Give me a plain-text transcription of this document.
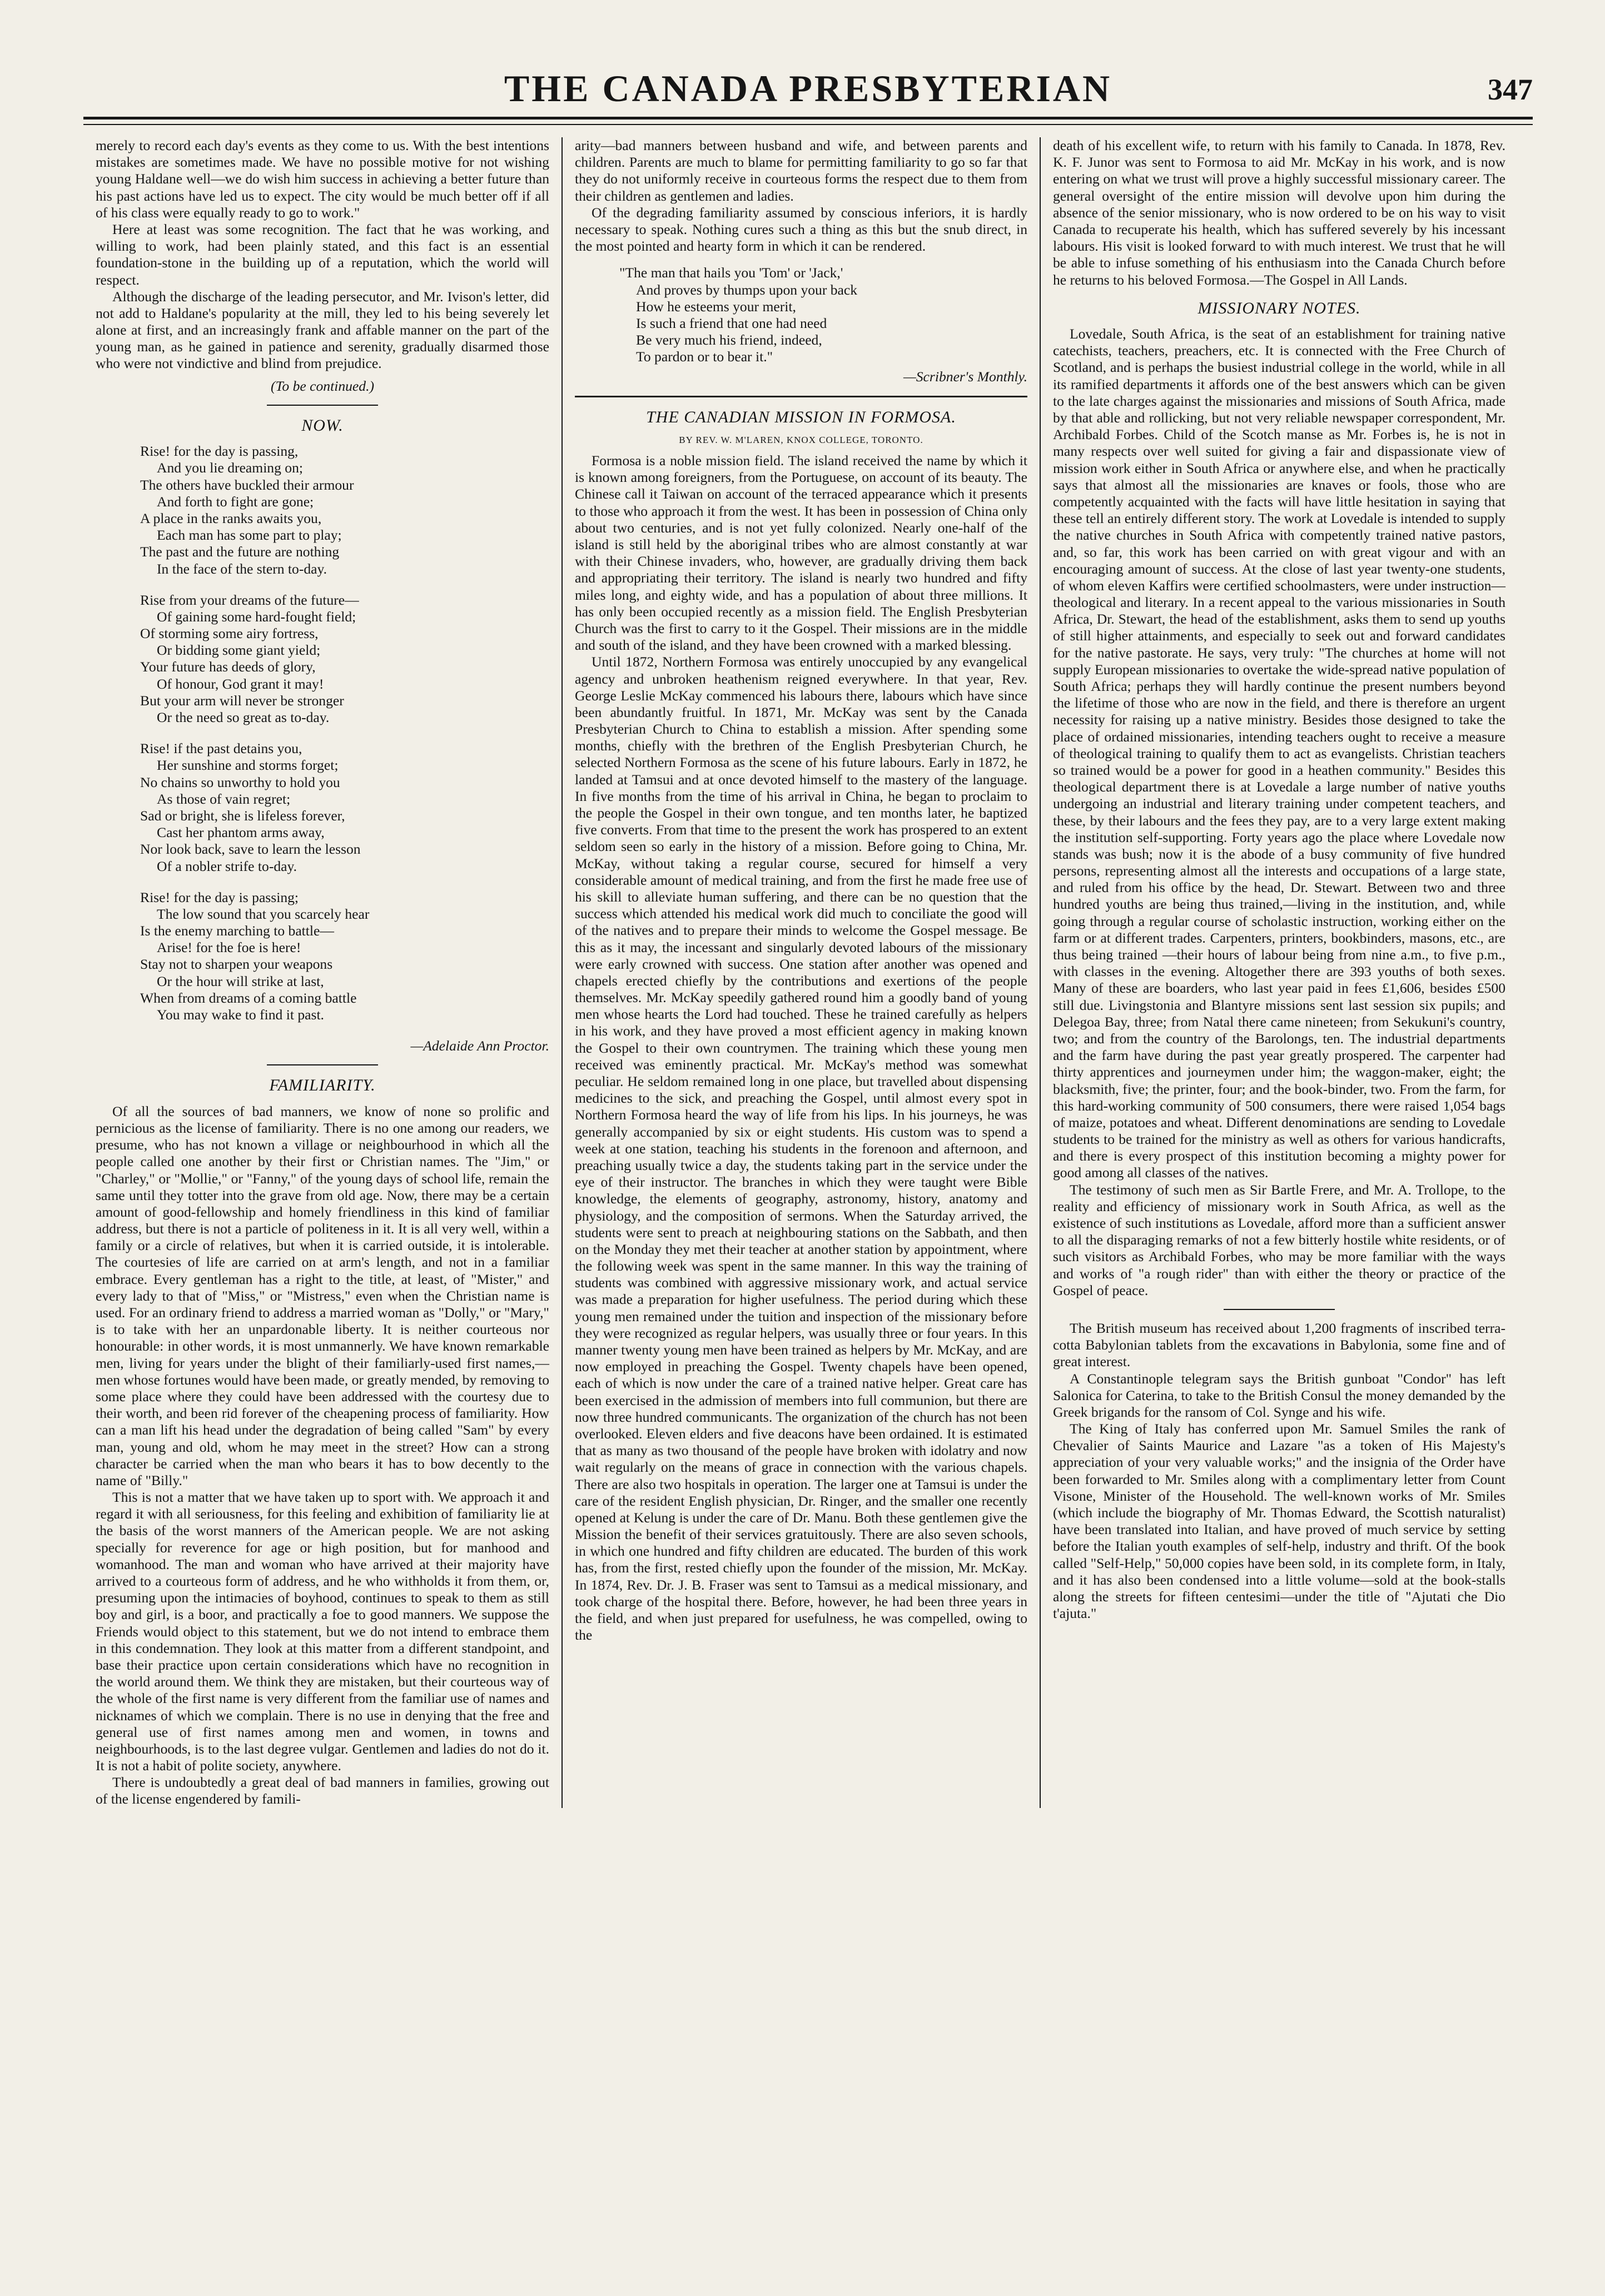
THE CANADA PRESBYTERIAN	347

merely to record each day's events as they come to us. With the best intentions mistakes are sometimes made. We have no possible motive for not wishing young Haldane well—we do wish him success in achieving a better future than his past actions have led us to expect. The city would be much better off if all of his class were equally ready to go to work."

Here at least was some recognition. The fact that he was working, and willing to work, had been plainly stated, and this fact is an essential foundation-stone in the building up of a reputation, which the world will respect.

Although the discharge of the leading persecutor, and Mr. Ivison's letter, did not add to Haldane's popularity at the mill, they led to his being severely let alone at first, and an increasingly frank and affable manner on the part of the young man, as he gained in patience and serenity, gradually disarmed those who were not vindictive and blind from prejudice.

(To be continued.)
NOW.
Rise! for the day is passing,
And you lie dreaming on;
The others have buckled their armour
And forth to fight are gone;
A place in the ranks awaits you,
Each man has some part to play;
The past and the future are nothing
In the face of the stern to-day.
Rise from your dreams of the future—
Of gaining some hard-fought field;
Of storming some airy fortress,
Or bidding some giant yield;
Your future has deeds of glory,
Of honour, God grant it may!
But your arm will never be stronger
Or the need so great as to-day.
Rise! if the past detains you,
Her sunshine and storms forget;
No chains so unworthy to hold you
As those of vain regret;
Sad or bright, she is lifeless forever,
Cast her phantom arms away,
Nor look back, save to learn the lesson
Of a nobler strife to-day.
Rise! for the day is passing;
The low sound that you scarcely hear
Is the enemy marching to battle—
Arise! for the foe is here!
Stay not to sharpen your weapons
Or the hour will strike at last,
When from dreams of a coming battle
You may wake to find it past.
—Adelaide Ann Proctor.
FAMILIARITY.

Of all the sources of bad manners, we know of none so prolific and pernicious as the license of familiarity. There is no one among our readers, we presume, who has not known a village or neighbourhood in which all the people called one another by their first or Christian names. The "Jim," or "Charley," or "Mollie," or "Fanny," of the young days of school life, remain the same until they totter into the grave from old age. Now, there may be a certain amount of good-fellowship and homely friendliness in this kind of familiar address, but there is not a particle of politeness in it. It is all very well, within a family or a circle of relatives, but when it is carried outside, it is intolerable. The courtesies of life are carried on at arm's length, and not in a familiar embrace. Every gentleman has a right to the title, at least, of "Mister," and every lady to that of "Miss," or "Mistress," even when the Christian name is used. For an ordinary friend to address a married woman as "Dolly," or "Mary," is to take with her an unpardonable liberty. It is neither courteous nor honourable: in other words, it is most unmannerly. We have known remarkable men, living for years under the blight of their familiarly-used first names,—men whose fortunes would have been made, or greatly mended, by removing to some place where they could have been addressed with the courtesy due to their worth, and been rid forever of the cheapening process of familiarity. How can a man lift his head under the degradation of being called "Sam" by every man, young and old, whom he may meet in the street? How can a strong character be carried when the man who bears it has to bow decently to the name of "Billy."

This is not a matter that we have taken up to sport with. We approach it and regard it with all seriousness, for this feeling and exhibition of familiarity lie at the basis of the worst manners of the American people. We are not asking specially for reverence for age or high position, but for manhood and womanhood. The man and woman who have arrived at their majority have arrived to a courteous form of address, and he who withholds it from them, or, presuming upon the intimacies of boyhood, continues to speak to them as still boy and girl, is a boor, and practically a foe to good manners. We suppose the Friends would object to this statement, but we do not intend to embrace them in this condemnation. They look at this matter from a different standpoint, and base their practice upon certain considerations which have no recognition in the world around them. We think they are mistaken, but their courteous way of the whole of the first name is very different from the familiar use of names and nicknames of which we complain. There is no use in denying that the free and general use of first names among men and women, in towns and neighbourhoods, is to the last degree vulgar. Gentlemen and ladies do not do it. It is not a habit of polite society, anywhere.

There is undoubtedly a great deal of bad manners in families, growing out of the license engendered by famili-

arity—bad manners between husband and wife, and between parents and children. Parents are much to blame for permitting familiarity to go so far that they do not uniformly receive in courteous forms the respect due to them from their children as gentlemen and ladies.

Of the degrading familiarity assumed by conscious inferiors, it is hardly necessary to speak. Nothing cures such a thing as this but the snub direct, in the most pointed and hearty form in which it can be rendered.

"The man that hails you 'Tom' or 'Jack,'
And proves by thumps upon your back
How he esteems your merit,
Is such a friend that one had need
Be very much his friend, indeed,
To pardon or to bear it."
—Scribner's Monthly.
THE CANADIAN MISSION IN FORMOSA.
BY REV. W. M'LAREN, KNOX COLLEGE, TORONTO.

Formosa is a noble mission field. The island received the name by which it is known among foreigners, from the Portuguese, on account of its beauty. The Chinese call it Taiwan on account of the terraced appearance which it presents to those who approach it from the west. It has been in possession of China only about two centuries, and is not yet fully colonized. Nearly one-half of the island is still held by the aboriginal tribes who are almost constantly at war with their Chinese invaders, who, however, are gradually driving them back and appropriating their territory. The island is nearly two hundred and fifty miles long, and eighty wide, and has a population of about three millions. It has only been occupied recently as a mission field. The English Presbyterian Church was the first to carry to it the Gospel. Their missions are in the middle and south of the island, and they have been crowned with a marked blessing.

Until 1872, Northern Formosa was entirely unoccupied by any evangelical agency and unbroken heathenism reigned everywhere. In that year, Rev. George Leslie McKay commenced his labours there, labours which have since been abundantly fruitful. In 1871, Mr. McKay was sent by the Canada Presbyterian Church to China to establish a mission. After spending some months, chiefly with the brethren of the English Presbyterian Church, he selected Northern Formosa as the scene of his future labours. Early in 1872, he landed at Tamsui and at once devoted himself to the mastery of the language. In five months from the time of his arrival in China, he began to proclaim to the people the Gospel in their own tongue, and ten months later, he baptized five converts. From that time to the present the work has prospered to an extent seldom seen so early in the history of a mission. Before going to China, Mr. McKay, without taking a regular course, secured for himself a very considerable amount of medical training, and from the first he made free use of his skill to alleviate human suffering, and there can be no question that the success which attended his medical work did much to conciliate the good will of the natives and to prepare their minds to welcome the Gospel message. Be this as it may, the incessant and singularly devoted labours of the missionary were early crowned with success. One station after another was opened and chapels erected chiefly by the contributions and exertions of the people themselves. Mr. McKay speedily gathered round him a goodly band of young men whose hearts the Lord had touched. These he trained carefully as helpers in his work, and they have proved a most efficient agency in making known the Gospel to their own countrymen. The training which these young men received was eminently practical. Mr. McKay's method was somewhat peculiar. He seldom remained long in one place, but travelled about dispensing medicines to the sick, and preaching the Gospel, until almost every spot in Northern Formosa heard the way of life from his lips. In his journeys, he was generally accompanied by six or eight students. His custom was to spend a week at one station, teaching his students in the forenoon and afternoon, and preaching usually twice a day, the students taking part in the service under the eye of their instructor. The branches in which they were taught were Bible knowledge, the elements of geography, astronomy, history, anatomy and physiology, and the composition of sermons. When the Saturday arrived, the students were sent to preach at neighbouring stations on the Sabbath, and then on the Monday they met their teacher at another station by appointment, where the following week was spent in the same manner. In this way the training of students was combined with aggressive missionary work, and actual service was made a preparation for higher usefulness. The period during which these young men remained under the tuition and inspection of the missionary before they were recognized as regular helpers, was usually three or four years. In this manner twenty young men have been trained as helpers by Mr. McKay, and are now employed in preaching the Gospel. Twenty chapels have been opened, each of which is now under the care of a trained native helper. Great care has been exercised in the admission of members into full communion, but there are now three hundred communicants. The organization of the church has not been overlooked. Eleven elders and five deacons have been ordained. It is estimated that as many as two thousand of the people have broken with idolatry and now wait regularly on the means of grace in connection with the various chapels. There are also two hospitals in operation. The larger one at Tamsui is under the care of the resident English physician, Dr. Ringer, and the smaller one recently opened at Kelung is under the care of Dr. Manu. Both these gentlemen give the Mission the benefit of their services gratuitously. There are also seven schools, in which one hundred and fifty children are educated. The burden of this work has, from the first, rested chiefly upon the founder of the mission, Mr. McKay. In 1874, Rev. Dr. J. B. Fraser was sent to Tamsui as a medical missionary, and took charge of the hospital there. Before, however, he had been three years in the field, and when just prepared for usefulness, he was compelled, owing to the

death of his excellent wife, to return with his family to Canada. In 1878, Rev. K. F. Junor was sent to Formosa to aid Mr. McKay in his work, and is now entering on what we trust will prove a highly successful missionary career. The general oversight of the entire mission will devolve upon him during the absence of the senior missionary, who is now ordered to be on his way to visit Canada to recuperate his health, which has suffered severely by his incessant labours. His visit is looked forward to with much interest. We trust that he will be able to infuse something of his enthusiasm into the Canada Church before he returns to his beloved Formosa.—The Gospel in All Lands.

MISSIONARY NOTES.

Lovedale, South Africa, is the seat of an establishment for training native catechists, teachers, preachers, etc. It is connected with the Free Church of Scotland, and is perhaps the busiest industrial college in the world, while in all its ramified departments it affords one of the best answers which can be given to the late charges against the missionaries and missions of South Africa, made by that able and rollicking, but not very reliable newspaper correspondent, Mr. Archibald Forbes. Child of the Scotch manse as Mr. Forbes is, he is not in many respects over well suited for giving a fair and dispassionate view of mission work either in South Africa or anywhere else, and when he practically says that almost all the missionaries are knaves or fools, those who are competently acquainted with the facts will have little hesitation in saying that these tell an entirely different story. The work at Lovedale is intended to supply the native churches in South Africa with competently trained native pastors, and, so far, this work has been carried on with great vigour and with an encouraging amount of success. At the close of last year twenty-one students, of whom eleven Kaffirs were certified schoolmasters, were under instruction—theological and literary. In a recent appeal to the various missionaries in South Africa, Dr. Stewart, the head of the establishment, asks them to send up youths of still higher attainments, and especially to seek out and forward candidates for the native pastorate. He says, very truly: "The churches at home will not supply European missionaries to overtake the wide-spread native population of South Africa; perhaps they will hardly continue the present numbers beyond the lifetime of those who are now in the field, and there is therefore an urgent necessity for raising up a native ministry. Besides those designed to take the place of ordained missionaries, intending teachers ought to receive a measure of theological training to qualify them to act as evangelists. Christian teachers so trained would be a power for good in a heathen community." Besides this theological department there is at Lovedale a large number of native youths undergoing an industrial and literary training under competent teachers, and these, by their labours and the fees they pay, are to a very large extent making the institution self-supporting. Forty years ago the place where Lovedale now stands was bush; now it is the abode of a busy community of five hundred persons, representing almost all the interests and occupations of a large state, and ruled from his office by the head, Dr. Stewart. Between two and three hundred youths are being thus trained,—living in the institution, and, while going through a regular course of scholastic instruction, working either on the farm or at different trades. Carpenters, printers, bookbinders, masons, etc., are thus being trained —their hours of labour being from nine a.m., to five p.m., with classes in the evening. Altogether there are 393 youths of both sexes. Many of these are boarders, who last year paid in fees £1,606, besides £500 still due. Livingstonia and Blantyre missions sent last session six pupils; and Delegoa Bay, three; from Natal there came nineteen; from Sekukuni's country, two; and from the country of the Barolongs, ten. The industrial departments and the farm have during the past year greatly prospered. The carpenter had thirty apprentices and journeymen under him; the waggon-maker, eight; the blacksmith, five; the printer, four; and the book-binder, two. From the farm, for this hard-working community of 500 consumers, there were raised 1,054 bags of maize, potatoes and wheat. Different denominations are sending to Lovedale students to be trained for the ministry as well as others for various handicrafts, and there is every prospect of this institution becoming a mighty power for good among all classes of the natives.

The testimony of such men as Sir Bartle Frere, and Mr. A. Trollope, to the reality and efficiency of missionary work in South Africa, as well as the existence of such institutions as Lovedale, afford more than a sufficient answer to all the disparaging remarks of not a few bitterly hostile white residents, or of such visitors as Archibald Forbes, who may be more familiar with the ways and works of "a rough rider" than with either the theory or practice of the Gospel of peace.

The British museum has received about 1,200 fragments of inscribed terra-cotta Babylonian tablets from the excavations in Babylonia, some fine and of great interest.

A Constantinople telegram says the British gunboat "Condor" has left Salonica for Caterina, to take to the British Consul the money demanded by the Greek brigands for the ransom of Col. Synge and his wife.

The King of Italy has conferred upon Mr. Samuel Smiles the rank of Chevalier of Saints Maurice and Lazare "as a token of His Majesty's appreciation of your very valuable works;" and the insignia of the Order have been forwarded to Mr. Smiles along with a complimentary letter from Count Visone, Minister of the Household. The well-known works of Mr. Smiles (which include the biography of Mr. Thomas Edward, the Scottish naturalist) have been translated into Italian, and have proved of much service by setting before the Italian youth examples of self-help, industry and thrift. Of the book called "Self-Help," 50,000 copies have been sold, in its complete form, in Italy, and it has also been condensed into a little volume—sold at the book-stalls along the streets for fifteen centesimi—under the title of "Ajutati che Dio t'ajuta."
